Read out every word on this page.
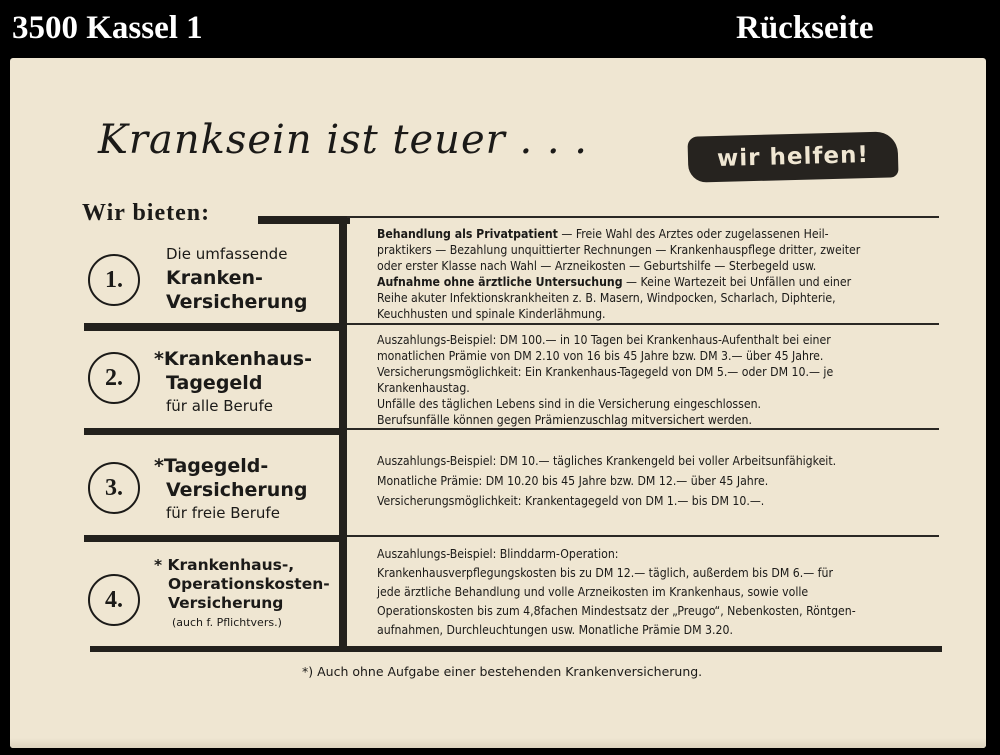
3500 Kassel 1	Rückseite
Kranksein ist teuer . . .	wir helfen!
Wir bieten:
1.
Die umfassende
Kranken-
Versicherung
Behandlung als Privatpatient — Freie Wahl des Arztes oder zugelassenen Heil-
praktikers — Bezahlung unquittierter Rechnungen — Krankenhauspflege dritter, zweiter
oder erster Klasse nach Wahl — Arzneikosten — Geburtshilfe — Sterbegeld usw.
Aufnahme ohne ärztliche Untersuchung — Keine Wartezeit bei Unfällen und einer
Reihe akuter Infektionskrankheiten z. B. Masern, Windpocken, Scharlach, Diphterie,
Keuchhusten und spinale Kinderlähmung.
2.
*Krankenhaus-
Tagegeld
für alle Berufe
Auszahlungs-Beispiel: DM 100.— in 10 Tagen bei Krankenhaus-Aufenthalt bei einer
monatlichen Prämie von DM 2.10 von 16 bis 45 Jahre bzw. DM 3.— über 45 Jahre.
Versicherungsmöglichkeit: Ein Krankenhaus-Tagegeld von DM 5.— oder DM 10.— je
Krankenhaustag.
Unfälle des täglichen Lebens sind in die Versicherung eingeschlossen.
Berufsunfälle können gegen Prämienzuschlag mitversichert werden.
3.
*Tagegeld-
Versicherung
für freie Berufe
Auszahlungs-Beispiel: DM 10.— tägliches Krankengeld bei voller Arbeitsunfähigkeit.
Monatliche Prämie: DM 10.20 bis 45 Jahre bzw. DM 12.— über 45 Jahre.
Versicherungsmöglichkeit: Krankentagegeld von DM 1.— bis DM 10.—.
4.
* Krankenhaus-,
Operationskosten-
Versicherung
(auch f. Pflichtvers.)
Auszahlungs-Beispiel: Blinddarm-Operation:
Krankenhausverpflegungskosten bis zu DM 12.— täglich, außerdem bis DM 6.— für
jede ärztliche Behandlung und volle Arzneikosten im Krankenhaus, sowie volle
Operationskosten bis zum 4,8fachen Mindestsatz der „Preugo“, Nebenkosten, Röntgen-
aufnahmen, Durchleuchtungen usw. Monatliche Prämie DM 3.20.
*) Auch ohne Aufgabe einer bestehenden Krankenversicherung.
